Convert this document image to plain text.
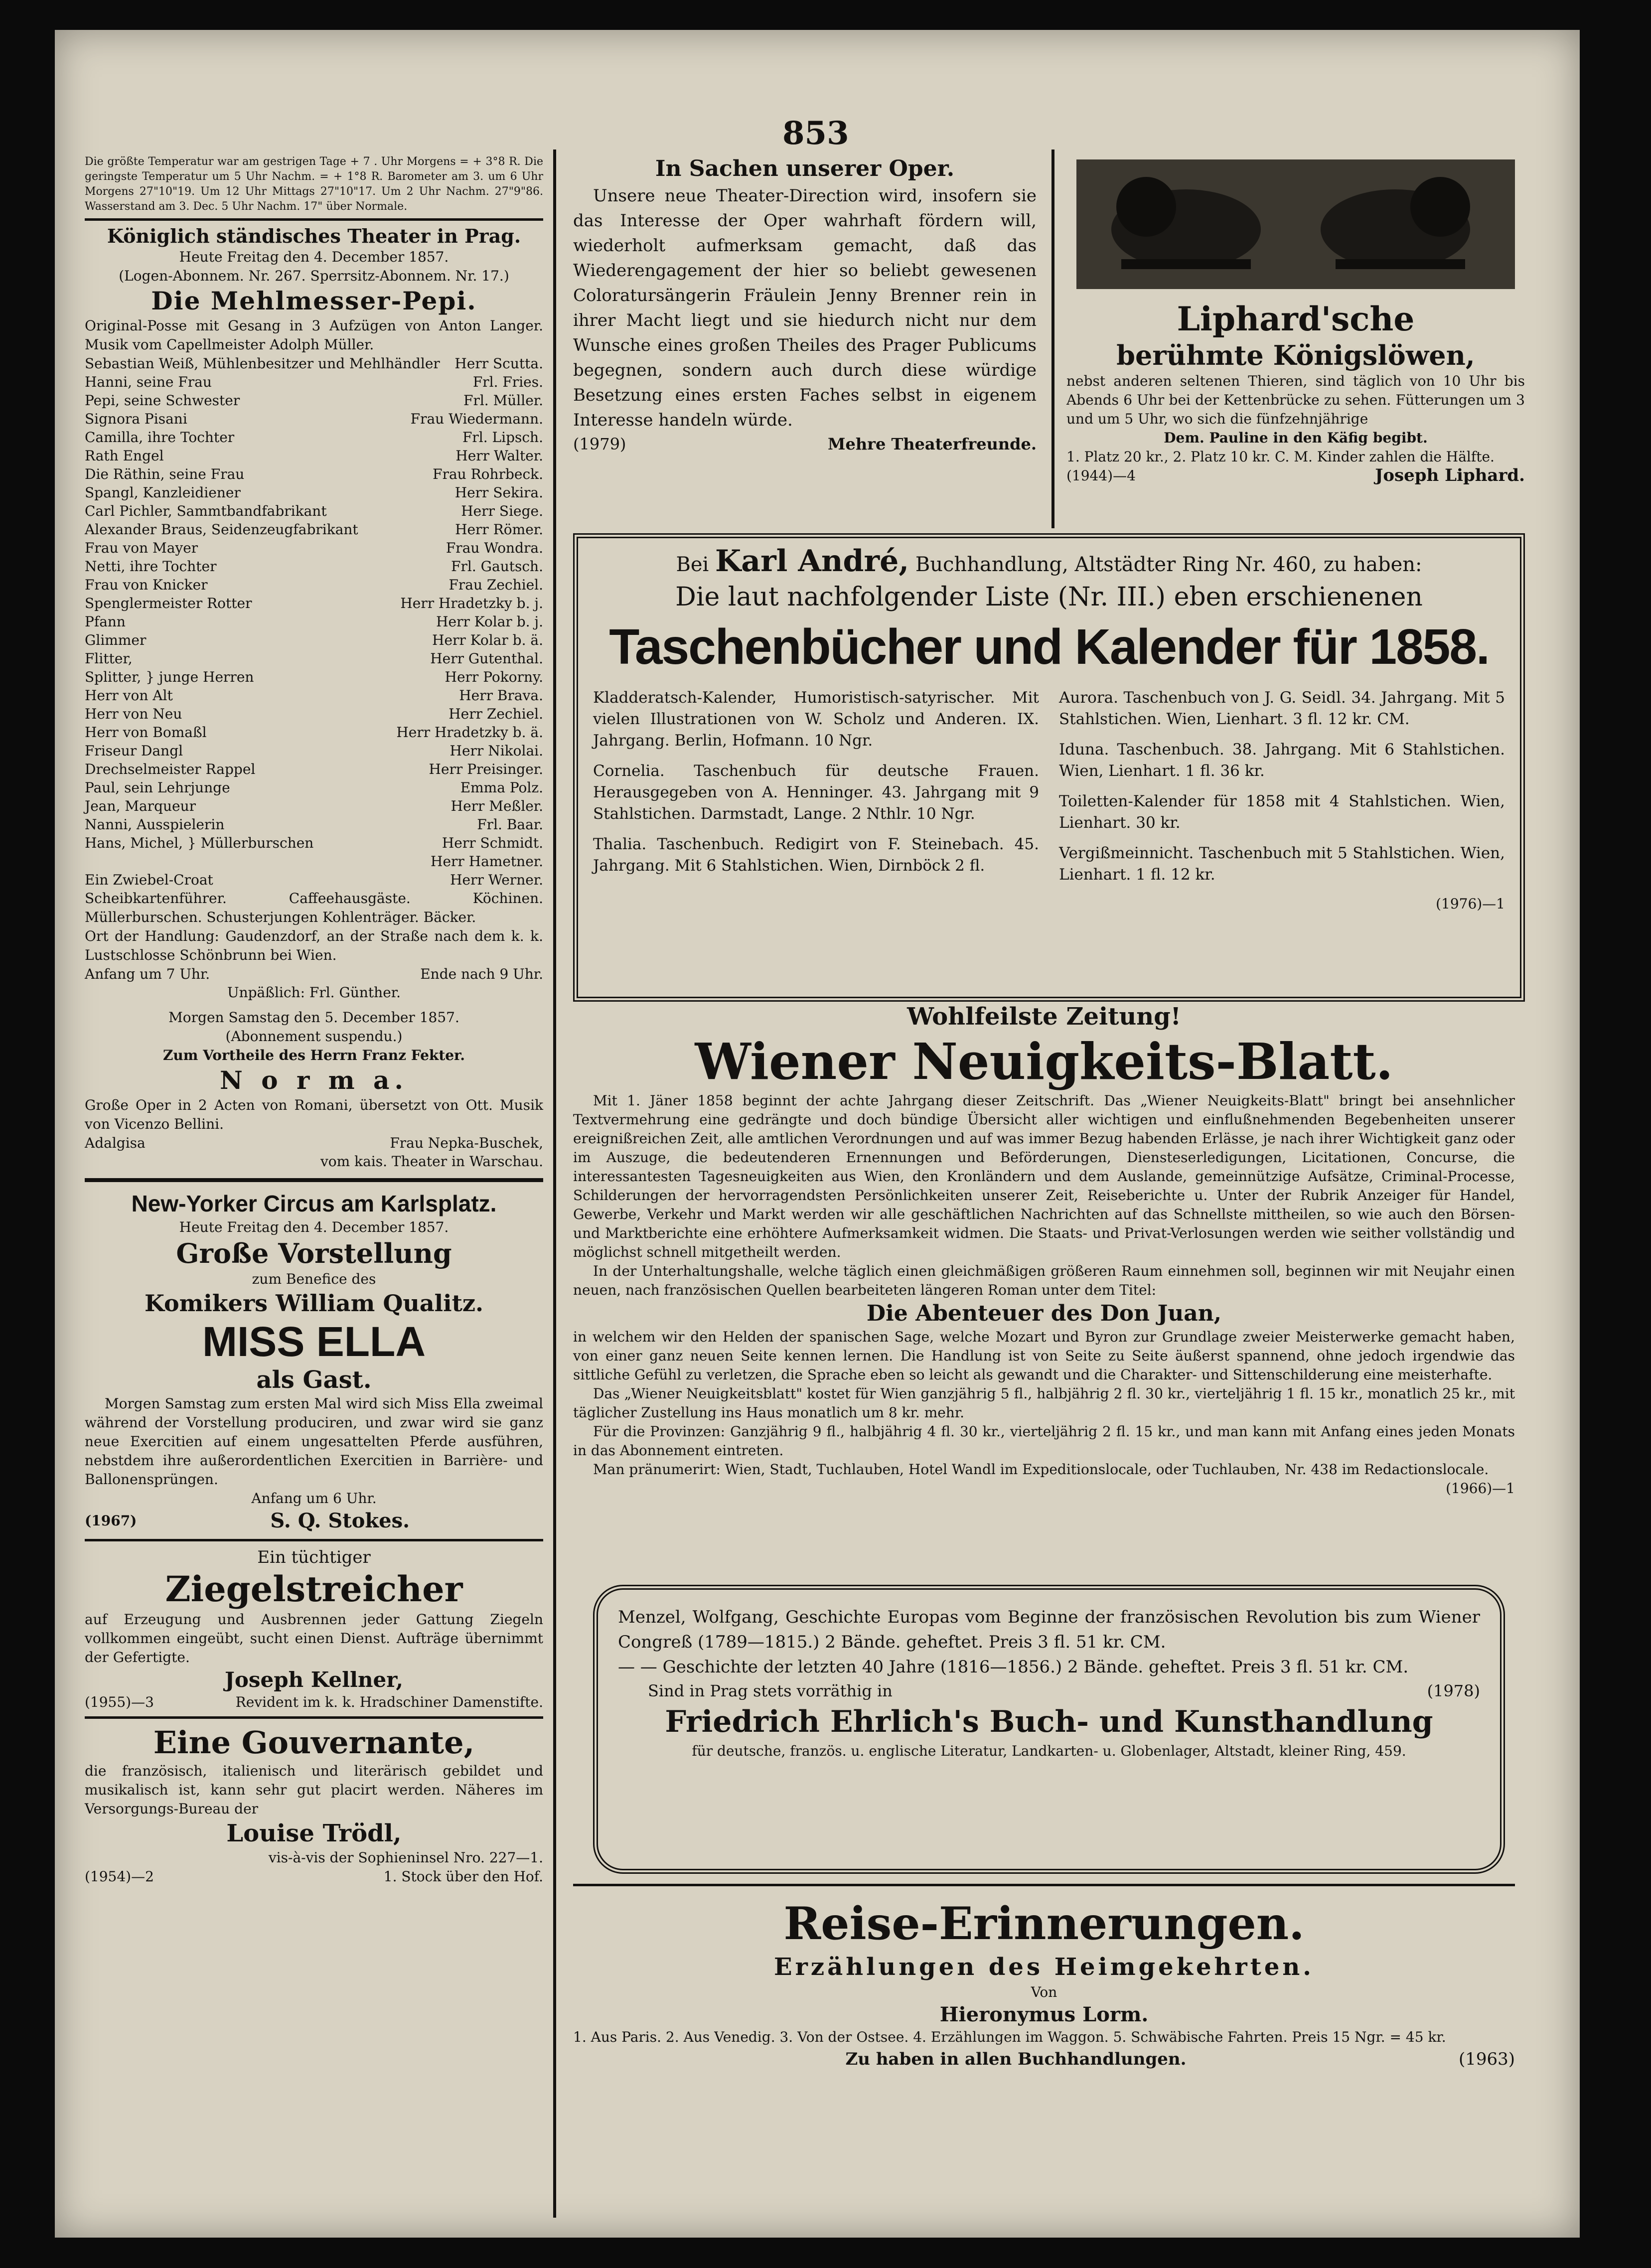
853

Die größte Temperatur war am gestrigen Tage + 7 . Uhr Morgens = + 3°8 R. Die geringste Temperatur um 5 Uhr Nachm. = + 1°8 R. Barometer am 3. um 6 Uhr Morgens 27"10"19. Um 12 Uhr Mittags 27"10"17. Um 2 Uhr Nachm. 27"9"86. Wasserstand am 3. Dec. 5 Uhr Nachm. 17" über Normale.

Königlich ständisches Theater in Prag.

Heute Freitag den 4. December 1857.

(Logen-Abonnem. Nr. 267. Sperrsitz-Abonnem. Nr. 17.)

Die Mehlmesser-Pepi.

Original-Posse mit Gesang in 3 Aufzügen von Anton Langer. Musik vom Capellmeister Adolph Müller.

Sebastian Weiß, Mühlenbesitzer und Mehlhändler	Herr Scutta.
Hanni, seine Frau	Frl. Fries.
Pepi, seine Schwester	Frl. Müller.
Signora Pisani	Frau Wiedermann.
Camilla, ihre Tochter	Frl. Lipsch.
Rath Engel	Herr Walter.
Die Räthin, seine Frau	Frau Rohrbeck.
Spangl, Kanzleidiener	Herr Sekira.
Carl Pichler, Sammtbandfabrikant	Herr Siege.
Alexander Braus, Seidenzeugfabrikant	Herr Römer.
Frau von Mayer	Frau Wondra.
Netti, ihre Tochter	Frl. Gautsch.
Frau von Knicker	Frau Zechiel.
Spenglermeister Rotter	Herr Hradetzky b. j.
Pfann	Herr Kolar b. j.
Glimmer	Herr Kolar b. ä.
Flitter,	Herr Gutenthal.
Splitter, } junge Herren	Herr Pokorny.
Herr von Alt	Herr Brava.
Herr von Neu	Herr Zechiel.
Herr von Bomaßl	Herr Hradetzky b. ä.
Friseur Dangl	Herr Nikolai.
Drechselmeister Rappel	Herr Preisinger.
Paul, sein Lehrjunge	Emma Polz.
Jean, Marqueur	Herr Meßler.
Nanni, Ausspielerin	Frl. Baar.
Hans, Michel, } Müllerburschen	Herr Schmidt.
Herr Hametner.
Ein Zwiebel-Croat	Herr Werner.

Scheibkartenführer. Caffeehausgäste. Köchinen. Müllerburschen. Schusterjungen Kohlenträger. Bäcker.

Ort der Handlung: Gaudenzdorf, an der Straße nach dem k. k. Lustschlosse Schönbrunn bei Wien.

Anfang um 7 Uhr.	Ende nach 9 Uhr.

Unpäßlich: Frl. Günther.

Morgen Samstag den 5. December 1857.

(Abonnement suspendu.)

Zum Vortheile des Herrn Franz Fekter.

N o r m a.

Große Oper in 2 Acten von Romani, übersetzt von Ott. Musik von Vicenzo Bellini.

Adalgisa	Frau Nepka-Buschek,

vom kais. Theater in Warschau.

New-Yorker Circus am Karlsplatz.

Heute Freitag den 4. December 1857.

Große Vorstellung

zum Benefice des

Komikers William Qualitz.

MISS ELLA

als Gast.

Morgen Samstag zum ersten Mal wird sich Miss Ella zweimal während der Vorstellung produciren, und zwar wird sie ganz neue Exercitien auf einem ungesattelten Pferde ausführen, nebstdem ihre außerordentlichen Exercitien in Barrière- und Ballonensprüngen.

Anfang um 6 Uhr.

(1967)	S. Q. Stokes.

Ein tüchtiger

Ziegelstreicher

auf Erzeugung und Ausbrennen jeder Gattung Ziegeln vollkommen eingeübt, sucht einen Dienst. Aufträge übernimmt der Gefertigte.

Joseph Kellner,

(1955)—3	Revident im k. k. Hradschiner Damenstifte.

Eine Gouvernante,

die französisch, italienisch und literärisch gebildet und musikalisch ist, kann sehr gut placirt werden. Näheres im Versorgungs-Bureau der

Louise Trödl,

vis-à-vis der Sophieninsel Nro. 227—1.

(1954)—2	1. Stock über den Hof.

In Sachen unserer Oper.

Unsere neue Theater-Direction wird, insofern sie das Interesse der Oper wahrhaft fördern will, wiederholt aufmerksam gemacht, daß das Wiederengagement der hier so beliebt gewesenen Coloratursängerin Fräulein Jenny Brenner rein in ihrer Macht liegt und sie hiedurch nicht nur dem Wunsche eines großen Theiles des Prager Publicums begegnen, sondern auch durch diese würdige Besetzung eines ersten Faches selbst in eigenem Interesse handeln würde.

(1979)	Mehre Theaterfreunde.

Liphard'sche

berühmte Königslöwen,

nebst anderen seltenen Thieren, sind täglich von 10 Uhr bis Abends 6 Uhr bei der Kettenbrücke zu sehen. Fütterungen um 3 und um 5 Uhr, wo sich die fünfzehnjährige

Dem. Pauline in den Käfig begibt.

1. Platz 20 kr., 2. Platz 10 kr. C. M. Kinder zahlen die Hälfte.

(1944)—4	Joseph Liphard.

Bei Karl André, Buchhandlung, Altstädter Ring Nr. 460, zu haben:

Die laut nachfolgender Liste (Nr. III.) eben erschienenen

Taschenbücher und Kalender für 1858.

Kladderatsch-Kalender, Humoristisch-satyrischer. Mit vielen Illustrationen von W. Scholz und Anderen. IX. Jahrgang. Berlin, Hofmann. 10 Ngr.

Cornelia. Taschenbuch für deutsche Frauen. Herausgegeben von A. Henninger. 43. Jahrgang mit 9 Stahlstichen. Darmstadt, Lange. 2 Nthlr. 10 Ngr.

Thalia. Taschenbuch. Redigirt von F. Steinebach. 45. Jahrgang. Mit 6 Stahlstichen. Wien, Dirnböck 2 fl.

Aurora. Taschenbuch von J. G. Seidl. 34. Jahrgang. Mit 5 Stahlstichen. Wien, Lienhart. 3 fl. 12 kr. CM.

Iduna. Taschenbuch. 38. Jahrgang. Mit 6 Stahlstichen. Wien, Lienhart. 1 fl. 36 kr.

Toiletten-Kalender für 1858 mit 4 Stahlstichen. Wien, Lienhart. 30 kr.

Vergißmeinnicht. Taschenbuch mit 5 Stahlstichen. Wien, Lienhart. 1 fl. 12 kr.

(1976)—1

Wohlfeilste Zeitung!

Wiener Neuigkeits-Blatt.

Mit 1. Jäner 1858 beginnt der achte Jahrgang dieser Zeitschrift. Das „Wiener Neuigkeits-Blatt" bringt bei ansehnlicher Textvermehrung eine gedrängte und doch bündige Übersicht aller wichtigen und einflußnehmenden Begebenheiten unserer ereignißreichen Zeit, alle amtlichen Verordnungen und auf was immer Bezug habenden Erlässe, je nach ihrer Wichtigkeit ganz oder im Auszuge, die bedeutenderen Ernennungen und Beförderungen, Diensteserledigungen, Licitationen, Concurse, die interessantesten Tagesneuigkeiten aus Wien, den Kronländern und dem Auslande, gemeinnützige Aufsätze, Criminal-Processe, Schilderungen der hervorragendsten Persönlichkeiten unserer Zeit, Reiseberichte u. Unter der Rubrik Anzeiger für Handel, Gewerbe, Verkehr und Markt werden wir alle geschäftlichen Nachrichten auf das Schnellste mittheilen, so wie auch den Börsen- und Marktberichte eine erhöhtere Aufmerksamkeit widmen. Die Staats- und Privat-Verlosungen werden wie seither vollständig und möglichst schnell mitgetheilt werden.

In der Unterhaltungshalle, welche täglich einen gleichmäßigen größeren Raum einnehmen soll, beginnen wir mit Neujahr einen neuen, nach französischen Quellen bearbeiteten längeren Roman unter dem Titel:

Die Abenteuer des Don Juan,

in welchem wir den Helden der spanischen Sage, welche Mozart und Byron zur Grundlage zweier Meisterwerke gemacht haben, von einer ganz neuen Seite kennen lernen. Die Handlung ist von Seite zu Seite äußerst spannend, ohne jedoch irgendwie das sittliche Gefühl zu verletzen, die Sprache eben so leicht als gewandt und die Charakter- und Sittenschilderung eine meisterhafte.

Das „Wiener Neuigkeitsblatt" kostet für Wien ganzjährig 5 fl., halbjährig 2 fl. 30 kr., vierteljährig 1 fl. 15 kr., monatlich 25 kr., mit täglicher Zustellung ins Haus monatlich um 8 kr. mehr.

Für die Provinzen: Ganzjährig 9 fl., halbjährig 4 fl. 30 kr., vierteljährig 2 fl. 15 kr., und man kann mit Anfang eines jeden Monats in das Abonnement eintreten.

Man pränumerirt: Wien, Stadt, Tuchlauben, Hotel Wandl im Expeditionslocale, oder Tuchlauben, Nr. 438 im Redactionslocale.

(1966)—1

Menzel, Wolfgang, Geschichte Europas vom Beginne der französischen Revolution bis zum Wiener Congreß (1789—1815.) 2 Bände. geheftet. Preis 3 fl. 51 kr. CM.

— — Geschichte der letzten 40 Jahre (1816—1856.) 2 Bände. geheftet. Preis 3 fl. 51 kr. CM.

Sind in Prag stets vorräthig in	(1978)

Friedrich Ehrlich's Buch- und Kunsthandlung

für deutsche, französ. u. englische Literatur, Landkarten- u. Globenlager, Altstadt, kleiner Ring, 459.

Reise-Erinnerungen.

Erzählungen des Heimgekehrten.

Von

Hieronymus Lorm.

1. Aus Paris. 2. Aus Venedig. 3. Von der Ostsee. 4. Erzählungen im Waggon. 5. Schwäbische Fahrten. Preis 15 Ngr. = 45 kr.

Zu haben in allen Buchhandlungen.	(1963)
